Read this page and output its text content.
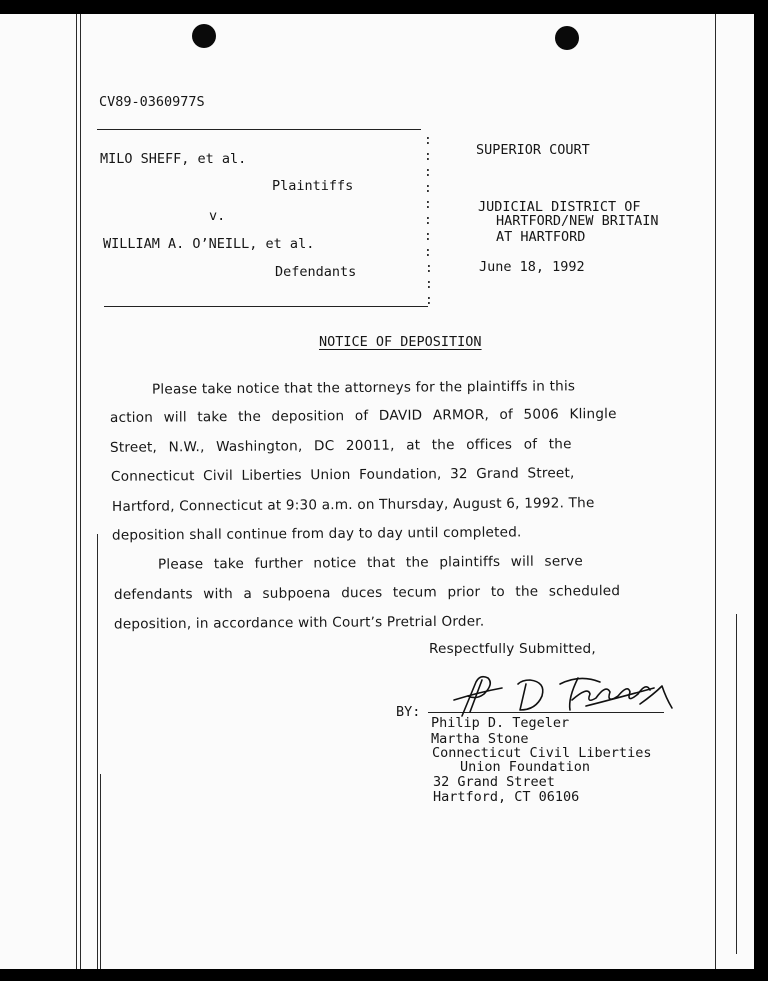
CV89-0360977S
MILO SHEFF, et al.
Plaintiffs
v.
WILLIAM A. O’NEILL, et al.
Defendants
:
:
:
:
:
:
:
:
:
:
:
SUPERIOR COURT
JUDICIAL DISTRICT OF
HARTFORD/NEW BRITAIN
AT HARTFORD
June 18, 1992
NOTICE OF DEPOSITION
Please take notice that the attorneys for the plaintiffs in this
action will take the deposition of DAVID ARMOR, of 5006 Klingle
Street, N.W., Washington, DC 20011, at the offices of the
Connecticut Civil Liberties Union Foundation, 32 Grand Street,
Hartford, Connecticut at 9:30 a.m. on Thursday, August 6, 1992. The
deposition shall continue from day to day until completed.
Please take further notice that the plaintiffs will serve
defendants with a subpoena duces tecum prior to the scheduled
deposition, in accordance with Court’s Pretrial Order.
Respectfully Submitted,
BY:
Philip D. Tegeler
Martha Stone
Connecticut Civil Liberties
Union Foundation
32 Grand Street
Hartford, CT 06106
